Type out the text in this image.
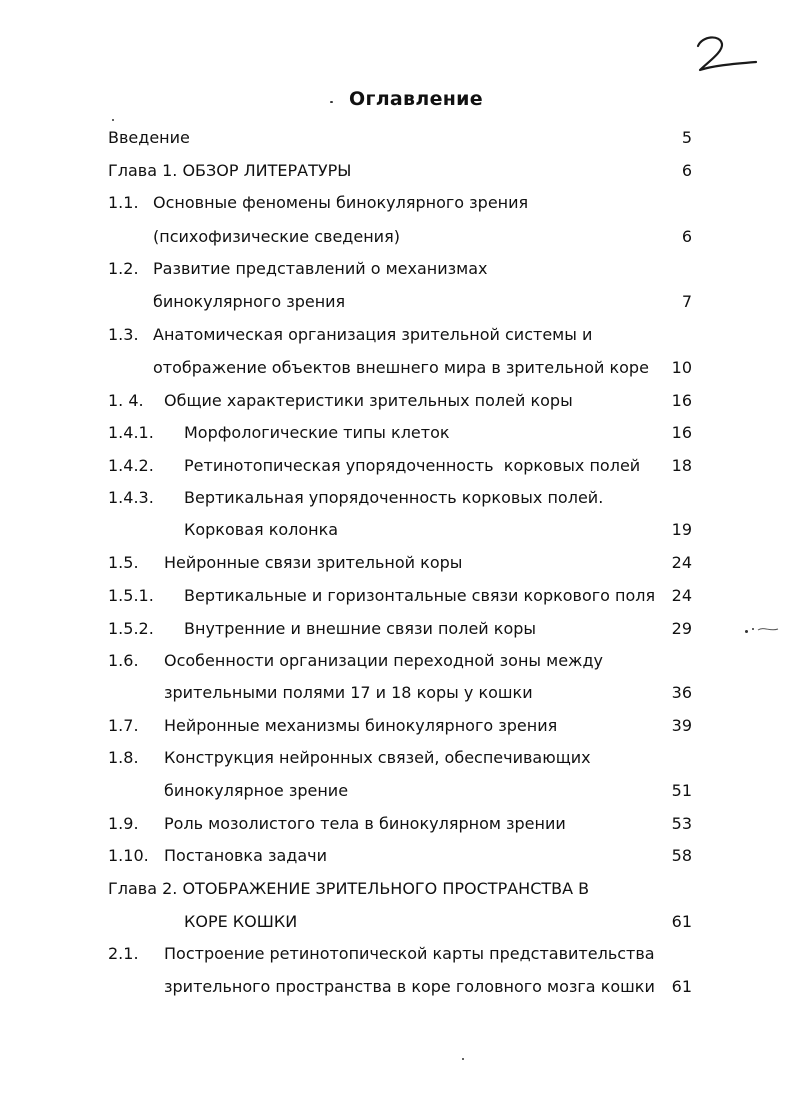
Оглавление
Введение	5
Глава 1. ОБЗОР ЛИТЕРАТУРЫ	6
1.1. Основные феномены бинокулярного зрения
(психофизические сведения)	6
1.2. Развитие представлений о механизмах
бинокулярного зрения	7
1.3. Анатомическая организация зрительной системы и
отображение объектов внешнего мира в зрительной коре 10
1. 4. Общие характеристики зрительных полей коры	16
1.4.1. Морфологические типы клеток	16
1.4.2. Ретинотопическая упорядоченность  корковых полей 18
1.4.3. Вертикальная упорядоченность корковых полей.
Корковая колонка	19
1.5. Нейронные связи зрительной коры	24
1.5.1. Вертикальные и горизонтальные связи коркового поля 24
1.5.2. Внутренние и внешние связи полей коры	29
1.6. Особенности организации переходной зоны между
зрительными полями 17 и 18 коры у кошки	36
1.7. Нейронные механизмы бинокулярного зрения	39
1.8. Конструкция нейронных связей, обеспечивающих
бинокулярное зрение	51
1.9. Роль мозолистого тела в бинокулярном зрении	53
1.10. Постановка задачи	58
Глава 2. ОТОБРАЖЕНИЕ ЗРИТЕЛЬНОГО ПРОСТРАНСТВА В
КОРЕ КОШКИ	61
2.1. Построение ретинотопической карты представительства
зрительного пространства в коре головного мозга кошки 61
